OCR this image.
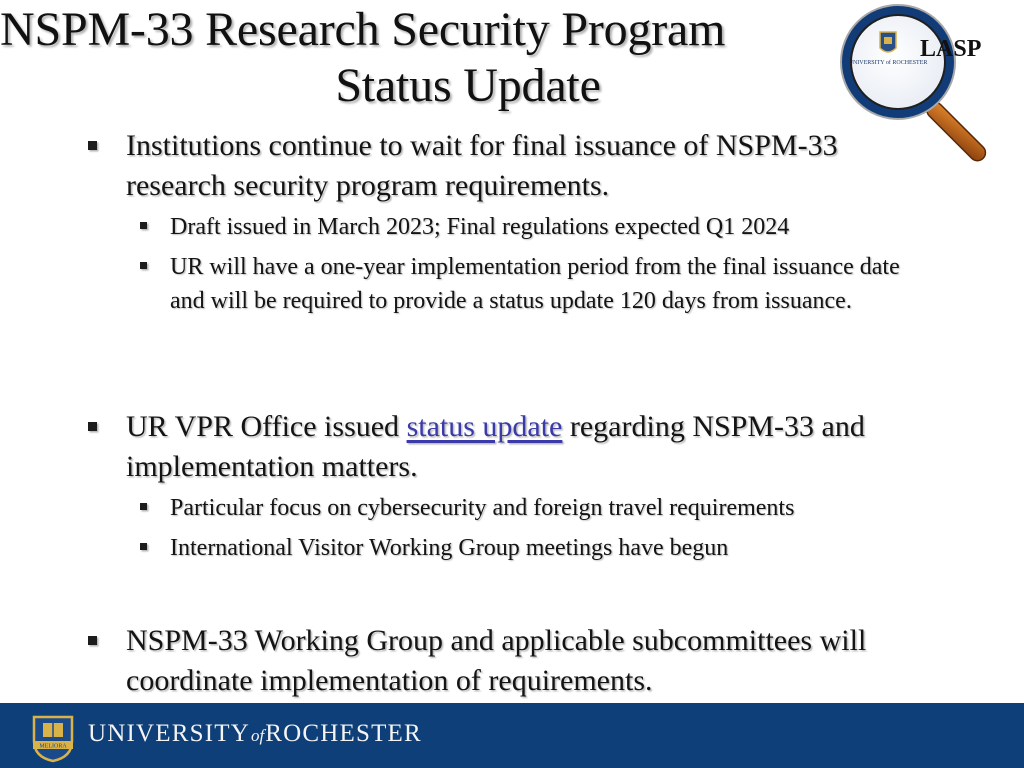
NSPM-33 Research Security Program
Status Update	UNIVERSITY of ROCHESTER
LASP
Institutions continue to wait for final issuance of NSPM-33 research security program requirements.
Draft issued in March 2023; Final regulations expected Q1 2024
UR will have a one-year implementation period from the final issuance date and will be required to provide a status update 120 days from issuance.
UR VPR Office issued status update regarding NSPM-33 and implementation matters.
Particular focus on cybersecurity and foreign travel requirements
International Visitor Working Group meetings have begun
NSPM-33 Working Group and applicable subcommittees will coordinate implementation of requirements.
MELIORA UNIVERSITYofROCHESTER
